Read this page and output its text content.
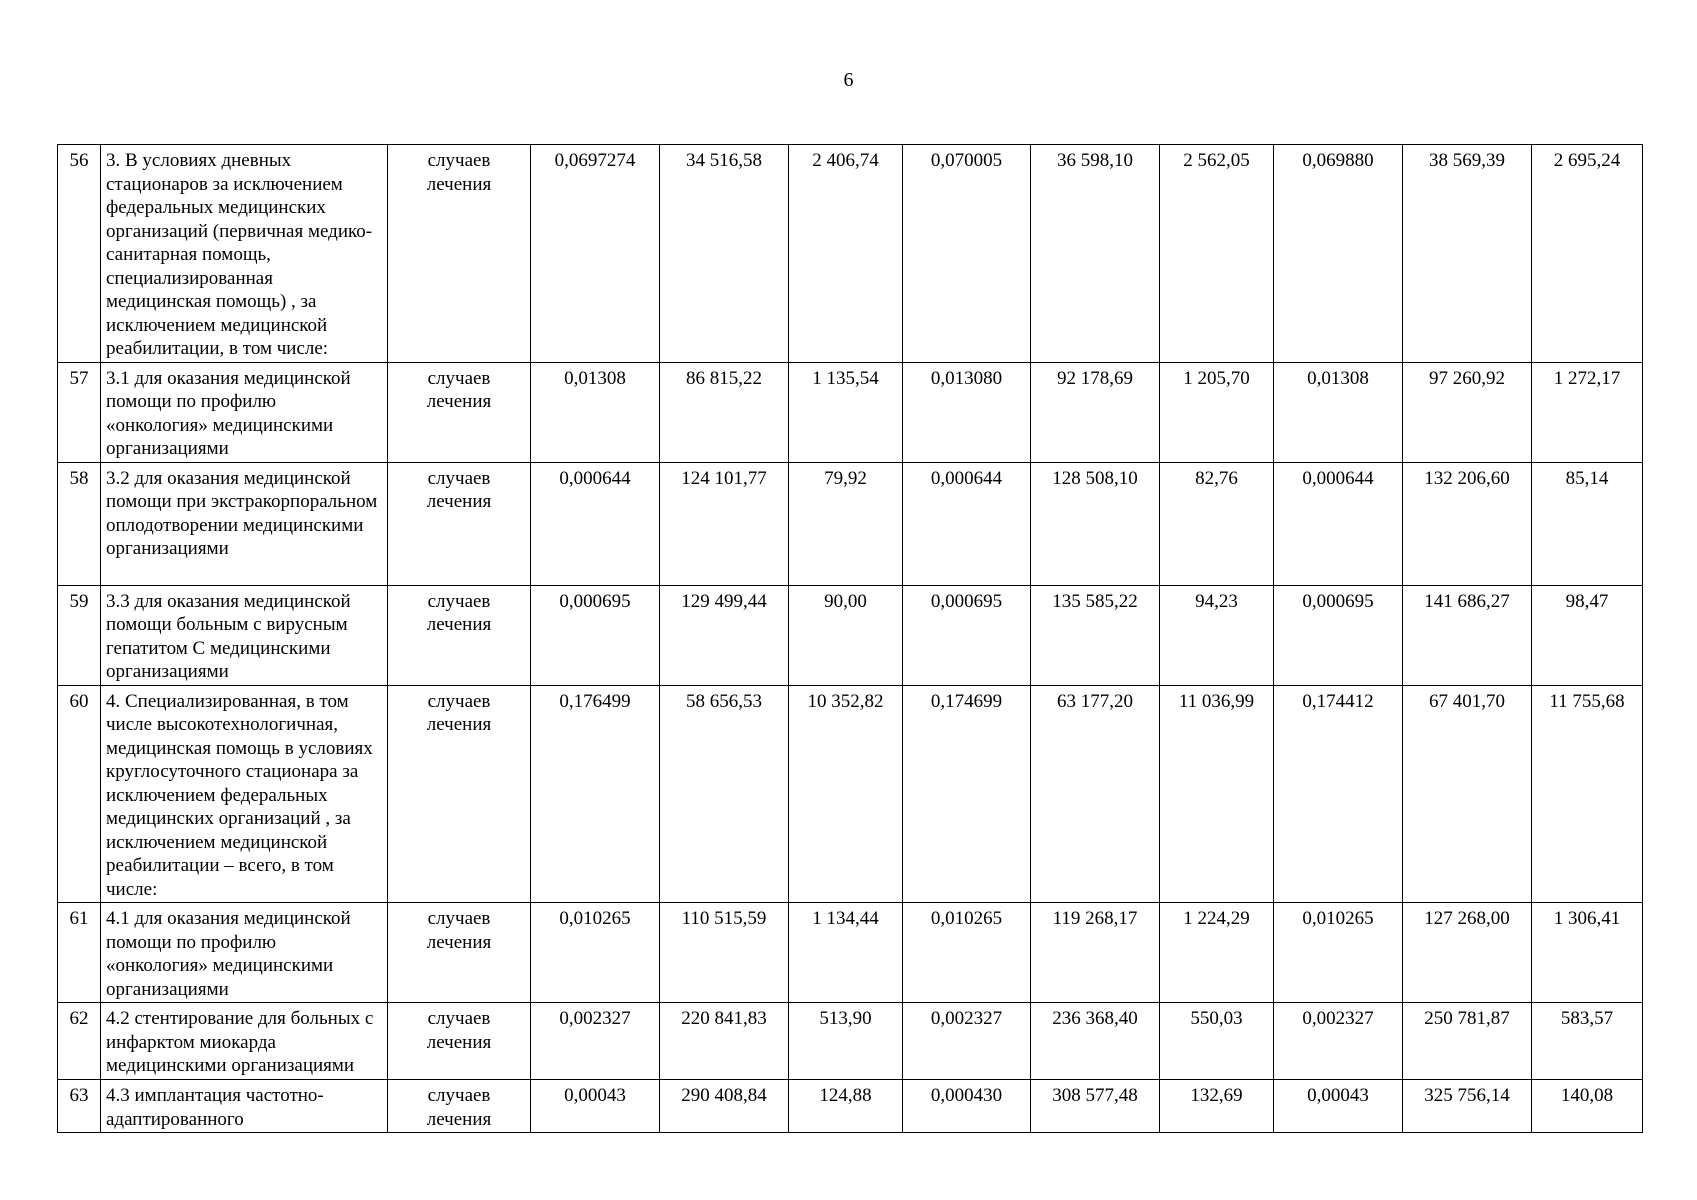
6
56	3. В условиях дневных стационаров за исключением федеральных медицинских организаций (первичная медико-санитарная помощь, специализированная медицинская помощь) , за исключением медицинской реабилитации, в том числе:	случаев лечения	0,0697274	34 516,58	2 406,74	0,070005	36 598,10	2 562,05	0,069880	38 569,39	2 695,24
57	3.1 для оказания медицинской помощи по профилю «онкология» медицинскими организациями	случаев лечения	0,01308	86 815,22	1 135,54	0,013080	92 178,69	1 205,70	0,01308	97 260,92	1 272,17
58	3.2 для оказания медицинской помощи при экстракорпоральном оплодотворении медицинскими организациями	случаев лечения	0,000644	124 101,77	79,92	0,000644	128 508,10	82,76	0,000644	132 206,60	85,14
59	3.3 для оказания медицинской помощи больным с вирусным гепатитом С медицинскими организациями	случаев лечения	0,000695	129 499,44	90,00	0,000695	135 585,22	94,23	0,000695	141 686,27	98,47
60	4. Специализированная, в том числе высокотехнологичная, медицинская помощь в условиях круглосуточного стационара за исключением федеральных медицинских организаций , за исключением медицинской реабилитации – всего, в том числе:	случаев лечения	0,176499	58 656,53	10 352,82	0,174699	63 177,20	11 036,99	0,174412	67 401,70	11 755,68
61	4.1 для оказания медицинской помощи по профилю «онкология» медицинскими организациями	случаев лечения	0,010265	110 515,59	1 134,44	0,010265	119 268,17	1 224,29	0,010265	127 268,00	1 306,41
62	4.2 стентирование для больных с инфарктом миокарда медицинскими организациями	случаев лечения	0,002327	220 841,83	513,90	0,002327	236 368,40	550,03	0,002327	250 781,87	583,57
63	4.3 имплантация частотно-адаптированного	случаев лечения	0,00043	290 408,84	124,88	0,000430	308 577,48	132,69	0,00043	325 756,14	140,08
